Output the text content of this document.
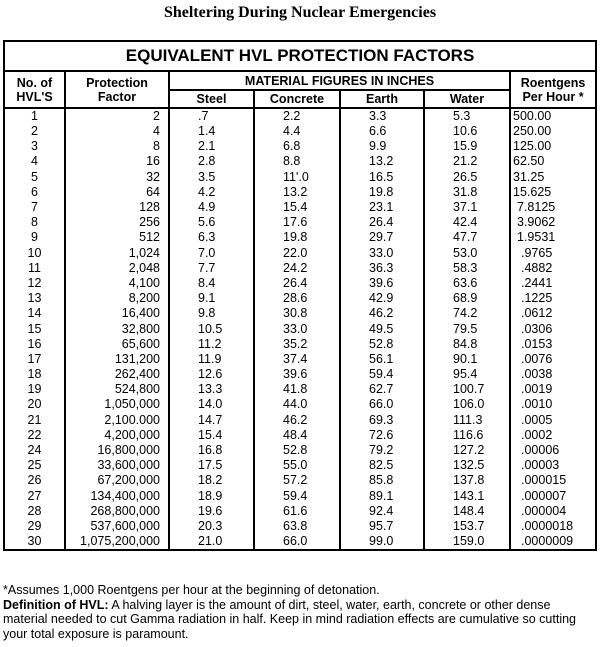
Sheltering During Nuclear Emergencies
EQUIVALENT HVL PROTECTION FACTORS						
No. of
HVL'S	Protection
Factor	MATERIAL FIGURES IN INCHES				Roentgens
Per Hour *
		Steel	Concrete	Earth	Water	
1	2	.7	2.2	3.3	5.3	500.00
2	4	1.4	4.4	6.6	10.6	250.00
3	8	2.1	6.8	9.9	15.9	125.00
4	16	2.8	8.8	13.2	21.2	62.50
5	32	3.5	11'.0	16.5	26.5	31.25
6	64	4.2	13.2	19.8	31.8	15.625
7	128	4.9	15.4	23.1	37.1	7.8125
8	256	5.6	17.6	26.4	42.4	3.9062
9	512	6.3	19.8	29.7	47.7	1.9531
10	1,024	7.0	22.0	33.0	53.0	.9765
11	2,048	7.7	24.2	36.3	58.3	.4882
12	4,100	8.4	26.4	39.6	63.6	.2441
13	8,200	9.1	28.6	42.9	68.9	.1225
14	16,400	9.8	30.8	46.2	74.2	.0612
15	32,800	10.5	33.0	49.5	79.5	.0306
16	65,600	11.2	35.2	52.8	84.8	.0153
17	131,200	11.9	37.4	56.1	90.1	.0076
18	262,400	12.6	39.6	59.4	95.4	.0038
19	524,800	13.3	41.8	62.7	100.7	.0019
20	1,050,000	14.0	44.0	66.0	106.0	.0010
21	2,100.000	14.7	46.2	69.3	111.3	.0005
22	4,200,000	15.4	48.4	72.6	116.6	.0002
24	16,800,000	16.8	52.8	79.2	127.2	.00006
25	33,600,000	17.5	55.0	82.5	132.5	.00003
26	67,200,000	18.2	57.2	85.8	137.8	.000015
27	134,400,000	18.9	59.4	89.1	143.1	.000007
28	268,800,000	19.6	61.6	92.4	148.4	.000004
29	537,600,000	20.3	63.8	95.7	153.7	.0000018
30	1,075,200,000	21.0	66.0	99.0	159.0	.0000009
*Assumes 1,000 Roentgens per hour at the beginning of detonation.
Definition of HVL: A halving layer is the amount of dirt, steel, water, earth, concrete or other dense material needed to cut Gamma radiation in half. Keep in mind radiation effects are cumulative so cutting your total exposure is paramount.
